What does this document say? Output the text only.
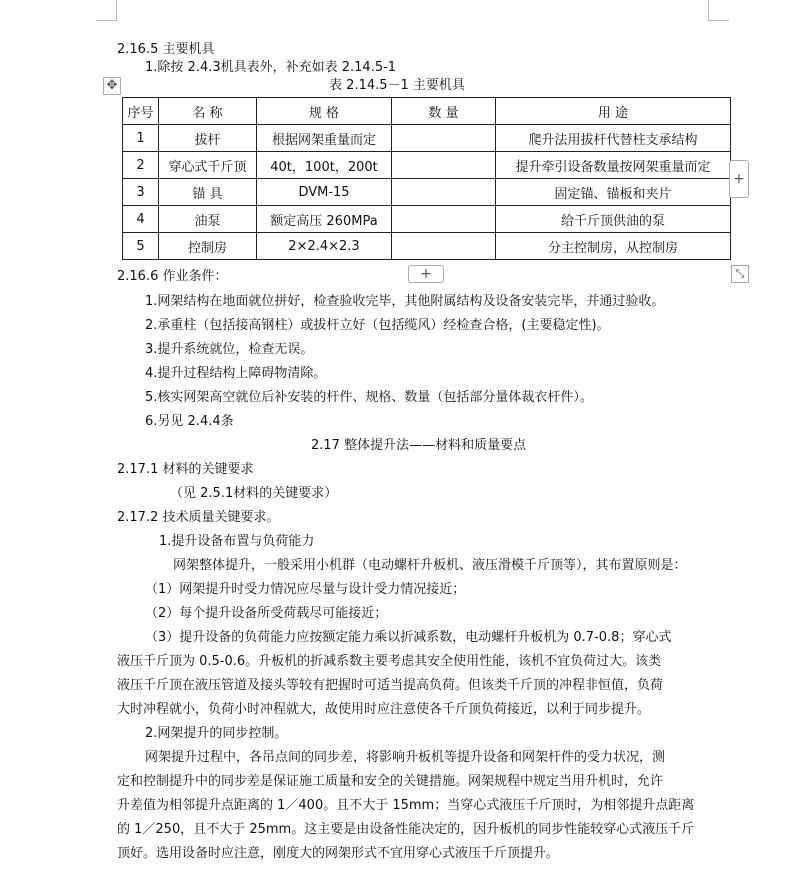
2.16.5 主要机具
1.除按 2.4.3机具表外，补充如表 2.14.5-1
表 2.14.5－1 主要机具
✥
序号	名 称	规 格	数 量	用 途
1	拔杆	根据网架重量而定		爬升法用拔杆代替柱支承结构
2	穿心式千斤顶	40t，100t，200t		提升牵引设备数量按网架重量而定
3	锚 具	DVM-15		固定锚、锚板和夹片
4	油泵	额定高压 260MPa		给千斤顶供油的泵
5	控制房	2×2.4×2.3		分主控制房，从控制房
+
+	⤡
2.16.6 作业条件：
1.网架结构在地面就位拼好，检查验收完毕，其他附属结构及设备安装完毕，并通过验收。
2.承重柱（包括接高钢柱）或拔杆立好（包括缆风）经检查合格，(主要稳定性)。
3.提升系统就位，检查无误。
4.提升过程结构上障碍物清除。
5.核实网架高空就位后补安装的杆件、规格、数量（包括部分量体裁衣杆件）。
6.另见 2.4.4条
2.17 整体提升法——材料和质量要点
2.17.1 材料的关键要求
（见 2.5.1材料的关键要求）
2.17.2 技术质量关键要求。
1.提升设备布置与负荷能力
网架整体提升，一般采用小机群（电动螺杆升板机、液压滑模千斤顶等），其布置原则是：
（1）网架提升时受力情况应尽量与设计受力情况接近；
（2）每个提升设备所受荷载尽可能接近；
（3）提升设备的负荷能力应按额定能力乘以折减系数，电动螺杆升板机为 0.7-0.8；穿心式
液压千斤顶为 0.5-0.6。升板机的折减系数主要考虑其安全使用性能，该机不宜负荷过大。该类
液压千斤顶在液压管道及接头等较有把握时可适当提高负荷。但该类千斤顶的冲程非恒值，负荷
大时冲程就小，负荷小时冲程就大，故使用时应注意使各千斤顶负荷接近，以利于同步提升。
2.网架提升的同步控制。
网架提升过程中，各吊点间的同步差，将影响升板机等提升设备和网架杆件的受力状况，测
定和控制提升中的同步差是保证施工质量和安全的关键措施。网架规程中规定当用升机时，允许
升差值为相邻提升点距离的 1／400。且不大于 15mm；当穿心式液压千斤顶时，为相邻提升点距离
的 1／250，且不大于 25mm。这主要是由设备性能决定的，因升板机的同步性能较穿心式液压千斤
顶好。选用设备时应注意，刚度大的网架形式不宜用穿心式液压千斤顶提升。
